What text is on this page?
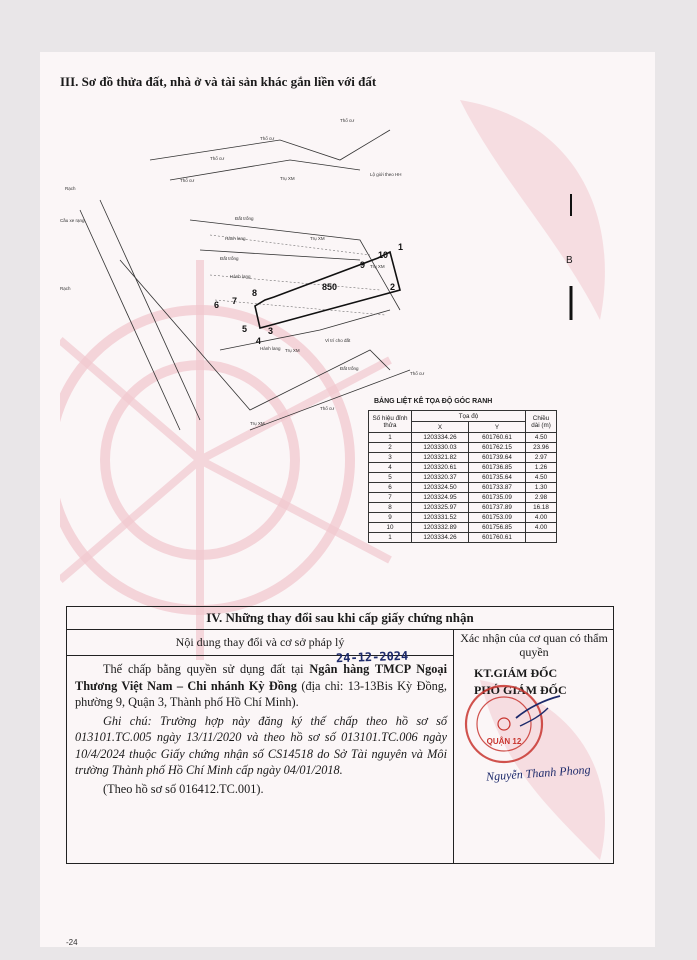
III. Sơ đồ thửa đất, nhà ở và tài sản khác gắn liền với đất
Thổ cư
Thổ cư
Thổ cư
Thổ cư	Trụ XM
Lộ giới theo HH
Đất trống
Hành lang
Đất trống
Hành lang
Trụ XM
Trụ XM
Hành lang
Vỉ trí cho đất
Đất trống
Trụ XM
Thổ cư
Thổ cư
Trụ XM
Cầu xe rạng
Rạch
Rạch
1
2
3
4
5
6 7
8
9
10
850
B
BẢNG LIỆT KÊ TỌA ĐỘ GÓC RANH
Số hiệu đỉnh thửa	Tọa độ		Chiều dài (m)
	X	Y	
1	1203334.26	601760.61	4.50
2	1203330.03	601762.15	23.96
3	1203321.82	601739.64	2.97
4	1203320.61	601736.85	1.26
5	1203320.37	601735.64	4.50
6	1203324.50	601733.87	1.30
7	1203324.95	601735.09	2.98
8	1203325.97	601737.89	16.18
9	1203331.52	601753.09	4.00
10	1203332.89	601756.85	4.00
1	1203334.26	601760.61	
IV. Những thay đổi sau khi cấp giấy chứng nhận
Nội dung thay đổi và cơ sở pháp lý	Xác nhận của cơ quan có thẩm quyền

Thế chấp bằng quyền sử dụng đất tại Ngân hàng TMCP Ngoại Thương Việt Nam – Chi nhánh Kỳ Đồng (địa chỉ: 13-13Bis Kỳ Đồng, phường 9, Quận 3, Thành phố Hồ Chí Minh).

Ghi chú: Trường hợp này đăng ký thế chấp theo hồ sơ số 013101.TC.005 ngày 13/11/2020 và theo hồ sơ số 013101.TC.006 ngày 10/4/2024 thuộc Giấy chứng nhận số CS14518 do Sở Tài nguyên và Môi trường Thành phố Hồ Chí Minh cấp ngày 04/01/2018.

(Theo hồ sơ số 016412.TC.001).

24-12-2024
KT.GIÁM ĐỐC
PHÓ GIÁM ĐỐC
QUẬN 12
Nguyễn Thanh Phong
-24
